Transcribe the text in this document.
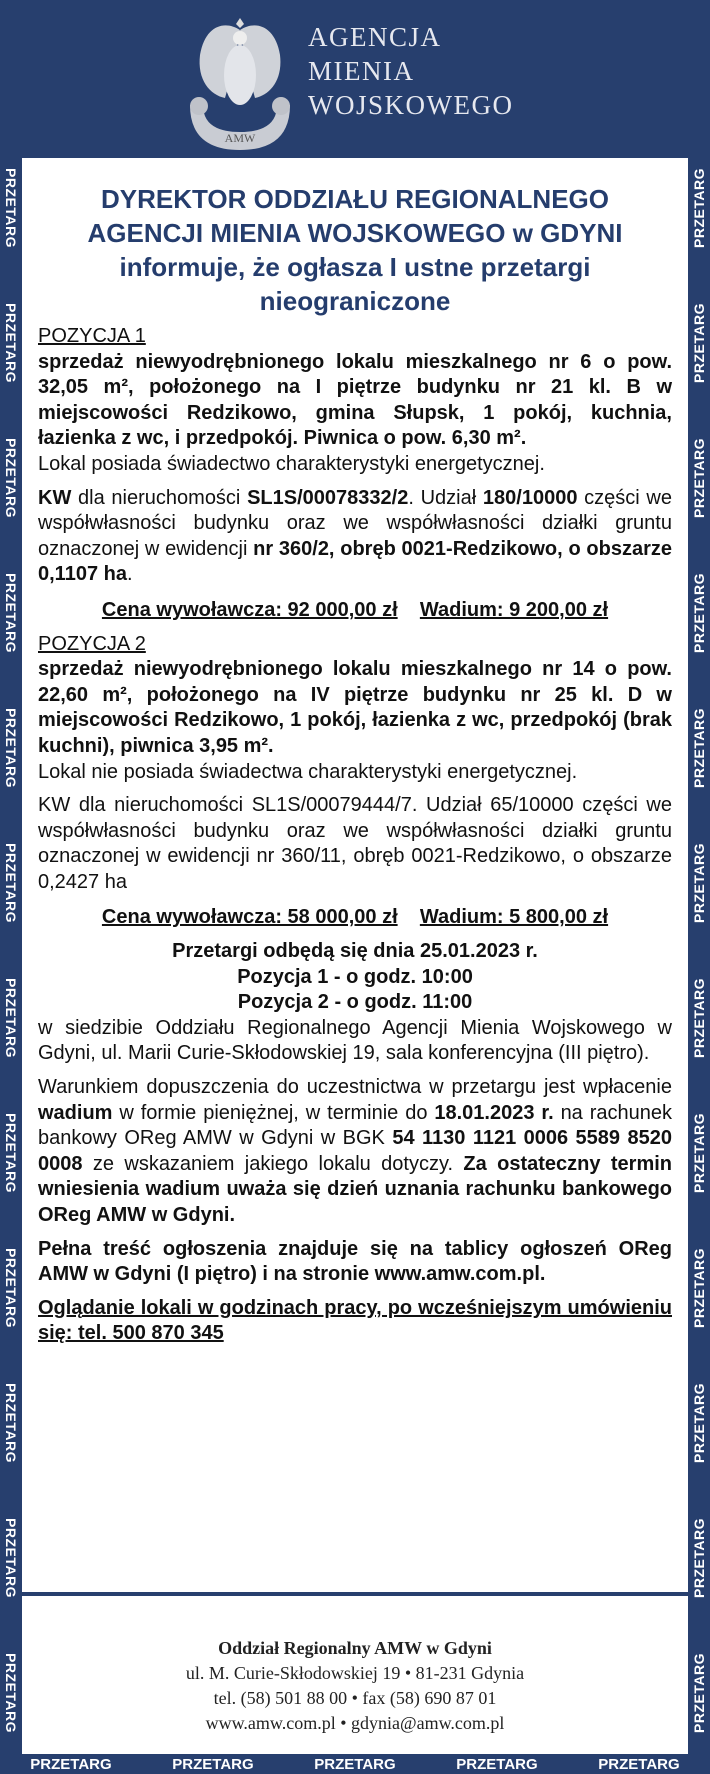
AMW
AGENCJA
MIENIA
WOJSKOWEGO
PRZETARG
PRZETARG
PRZETARG
PRZETARG
PRZETARG
PRZETARG
PRZETARG
PRZETARG
PRZETARG
PRZETARG
PRZETARG
PRZETARG
PRZETARG
PRZETARG
PRZETARG
PRZETARG
PRZETARG
PRZETARG
PRZETARG
PRZETARG
PRZETARG
PRZETARG
PRZETARG
PRZETARG
PRZETARG	PRZETARG	PRZETARG	PRZETARG	PRZETARG
DYREKTOR ODDZIAŁU REGIONALNEGO
AGENCJI MIENIA WOJSKOWEGO w GDYNI
informuje, że ogłasza I ustne przetargi
nieograniczone

POZYCJA 1

sprzedaż niewyodrębnionego lokalu mieszkalnego nr 6 o pow. 32,05 m², położonego na I piętrze budynku nr 21 kl. B w miejscowości Redzikowo, gmina Słupsk, 1 pokój, kuchnia, łazienka z wc, i przedpokój. Piwnica o pow. 6,30 m².

Lokal posiada świadectwo charakterystyki energetycznej.

KW dla nieruchomości SL1S/00078332/2. Udział 180/10000 części we współwłasności budynku oraz we współwłasności działki gruntu oznaczonej w ewidencji nr 360/2, obręb 0021-Redzikowo, o obszarze 0,1107 ha.

Cena wywoławcza: 92 000,00 zł Wadium: 9 200,00 zł

POZYCJA 2

sprzedaż niewyodrębnionego lokalu mieszkalnego nr 14 o pow. 22,60 m², położonego na IV piętrze budynku nr 25 kl. D w miejscowości Redzikowo, 1 pokój, łazienka z wc, przedpokój (brak kuchni), piwnica 3,95 m².

Lokal nie posiada świadectwa charakterystyki energetycznej.

KW dla nieruchomości SL1S/00079444/7. Udział 65/10000 części we współwłasności budynku oraz we współwłasności działki gruntu oznaczonej w ewidencji nr 360/11, obręb 0021-Redzikowo, o obszarze 0,2427 ha

Cena wywoławcza: 58 000,00 zł Wadium: 5 800,00 zł

Przetargi odbędą się dnia 25.01.2023 r.

Pozycja 1 - o godz. 10:00

Pozycja 2 - o godz. 11:00

w siedzibie Oddziału Regionalnego Agencji Mienia Wojskowego w Gdyni, ul. Marii Curie-Skłodowskiej 19, sala konferencyjna (III piętro).

Warunkiem dopuszczenia do uczestnictwa w przetargu jest wpłacenie wadium w formie pieniężnej, w terminie do 18.01.2023 r. na rachunek bankowy OReg AMW w Gdyni w BGK 54 1130 1121 0006 5589 8520 0008 ze wskazaniem jakiego lokalu dotyczy. Za ostateczny termin wniesienia wadium uważa się dzień uznania rachunku bankowego OReg AMW w Gdyni.

Pełna treść ogłoszenia znajduje się na tablicy ogłoszeń OReg AMW w Gdyni (I piętro) i na stronie www.amw.com.pl.

Oglądanie lokali w godzinach pracy, po wcześniejszym umówieniu się: tel. 500 870 345

Oddział Regionalny AMW w Gdyni
ul. M. Curie-Skłodowskiej 19 • 81-231 Gdynia
tel. (58) 501 88 00 • fax (58) 690 87 01
www.amw.com.pl • gdynia@amw.com.pl
